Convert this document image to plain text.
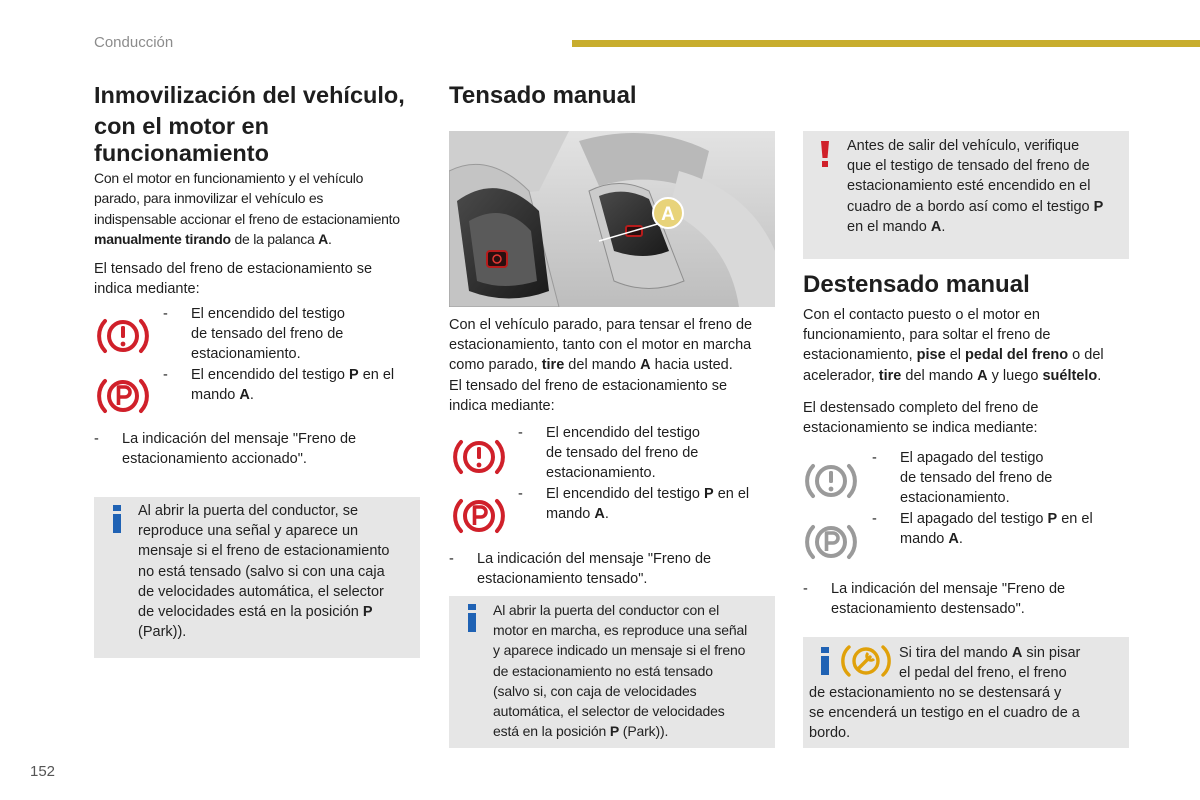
Conducción
152
Inmovilización del vehículo,
con el motor en
funcionamiento
Con el motor en funcionamiento y el vehículo
parado, para inmovilizar el vehículo es
indispensable accionar el freno de estacionamiento
manualmente tirando de la palanca A.
El tensado del freno de estacionamiento se
indica mediante:
- El encendido del testigo
de tensado del freno de
estacionamiento.
- El encendido del testigo P en el
mando A.
- La indicación del mensaje "Freno de
estacionamiento accionado".
Al abrir la puerta del conductor, se
reproduce una señal y aparece un
mensaje si el freno de estacionamiento
no está tensado (salvo si con una caja
de velocidades automática, el selector
de velocidades está en la posición P
(Park)).
Tensado manual
A
Con el vehículo parado, para tensar el freno de
estacionamiento, tanto con el motor en marcha
como parado, tire del mando A hacia usted.
El tensado del freno de estacionamiento se
indica mediante:
- El encendido del testigo
de tensado del freno de
estacionamiento.
- El encendido del testigo P en el
mando A.
- La indicación del mensaje "Freno de
estacionamiento tensado".
Al abrir la puerta del conductor con el
motor en marcha, es reproduce una señal
y aparece indicado un mensaje si el freno
de estacionamiento no está tensado
(salvo si, con caja de velocidades
automática, el selector de velocidades
está en la posición P (Park)).
Antes de salir del vehículo, verifique
que el testigo de tensado del freno de
estacionamiento esté encendido en el
cuadro de a bordo así como el testigo P
en el mando A.
Destensado manual
Con el contacto puesto o el motor en
funcionamiento, para soltar el freno de
estacionamiento, pise el pedal del freno o del
acelerador, tire del mando A y luego suéltelo.
El destensado completo del freno de
estacionamiento se indica mediante:
- El apagado del testigo
de tensado del freno de
estacionamiento.
- El apagado del testigo P en el
mando A.
- La indicación del mensaje "Freno de
estacionamiento destensado".
Si tira del mando A sin pisar
el pedal del freno, el freno
de estacionamiento no se destensará y
se encenderá un testigo en el cuadro de a
bordo.
